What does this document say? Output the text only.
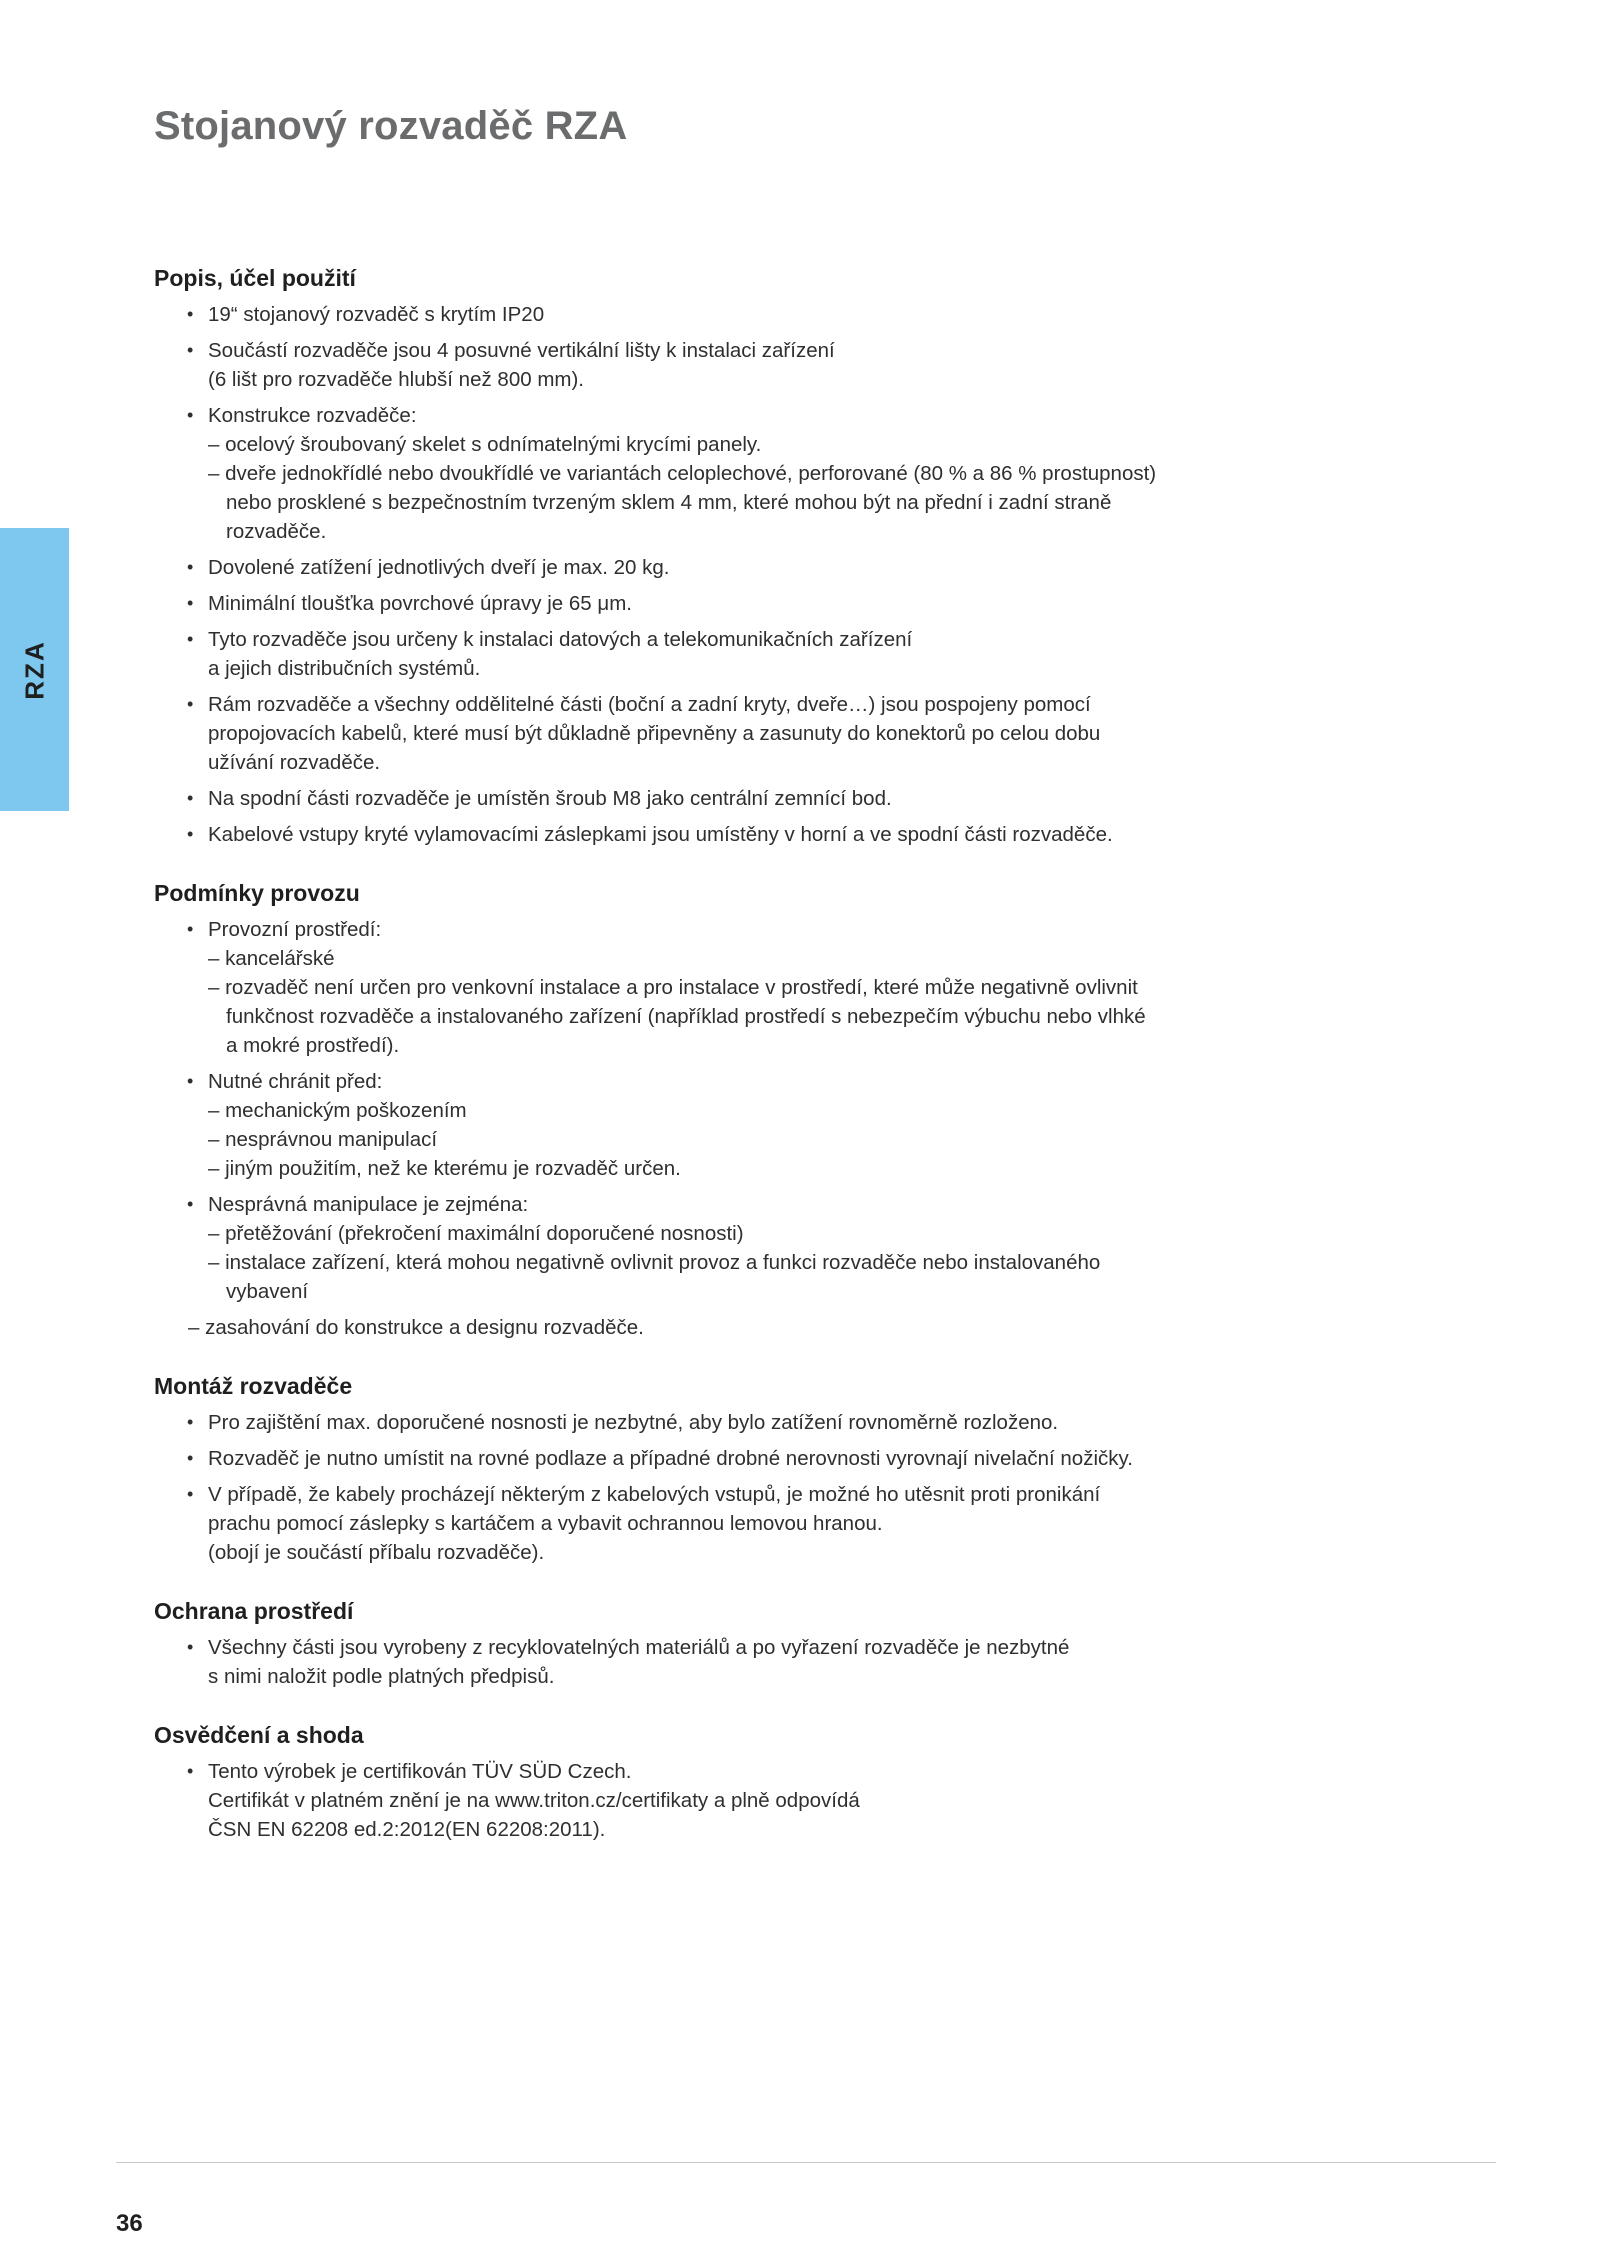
Stojanový rozvaděč RZA
RZA
Popis, účel použití
• 19“ stojanový rozvaděč s krytím IP20
• Součástí rozvaděče jsou 4 posuvné vertikální lišty k instalaci zařízení
(6 lišt pro rozvaděče hlubší než 800 mm).
• Konstrukce rozvaděče:
– ocelový šroubovaný skelet s odnímatelnými krycími panely.
– dveře jednokřídlé nebo dvoukřídlé ve variantách celoplechové, perforované (80 % a 86 % prostupnost)
nebo prosklené s bezpečnostním tvrzeným sklem 4 mm, které mohou být na přední i zadní straně
rozvaděče.
• Dovolené zatížení jednotlivých dveří je max. 20 kg.
• Minimální tloušťka povrchové úpravy je 65 μm.
• Tyto rozvaděče jsou určeny k instalaci datových a telekomunikačních zařízení
a jejich distribučních systémů.
• Rám rozvaděče a všechny oddělitelné části (boční a zadní kryty, dveře…) jsou pospojeny pomocí
propojovacích kabelů, které musí být důkladně připevněny a zasunuty do konektorů po celou dobu
užívání rozvaděče.
• Na spodní části rozvaděče je umístěn šroub M8 jako centrální zemnící bod.
• Kabelové vstupy kryté vylamovacími záslepkami jsou umístěny v horní a ve spodní části rozvaděče.
Podmínky provozu
• Provozní prostředí:
– kancelářské
– rozvaděč není určen pro venkovní instalace a pro instalace v prostředí, které může negativně ovlivnit
funkčnost rozvaděče a instalovaného zařízení (například prostředí s nebezpečím výbuchu nebo vlhké
a mokré prostředí).
• Nutné chránit před:
– mechanickým poškozením
– nesprávnou manipulací
– jiným použitím, než ke kterému je rozvaděč určen.
• Nesprávná manipulace je zejména:
– přetěžování (překročení maximální doporučené nosnosti)
– instalace zařízení, která mohou negativně ovlivnit provoz a funkci rozvaděče nebo instalovaného
vybavení
– zasahování do konstrukce a designu rozvaděče.
Montáž rozvaděče
• Pro zajištění max. doporučené nosnosti je nezbytné, aby bylo zatížení rovnoměrně rozloženo.
• Rozvaděč je nutno umístit na rovné podlaze a případné drobné nerovnosti vyrovnají nivelační nožičky.
• V případě, že kabely procházejí některým z kabelových vstupů, je možné ho utěsnit proti pronikání
prachu pomocí záslepky s kartáčem a vybavit ochrannou lemovou hranou.
(obojí je součástí příbalu rozvaděče).
Ochrana prostředí
• Všechny části jsou vyrobeny z recyklovatelných materiálů a po vyřazení rozvaděče je nezbytné
s nimi naložit podle platných předpisů.
Osvědčení a shoda
• Tento výrobek je certifikován TÜV SÜD Czech.
Certifikát v platném znění je na www.triton.cz/certifikaty a plně odpovídá
ČSN EN 62208 ed.2:2012(EN 62208:2011).
36
